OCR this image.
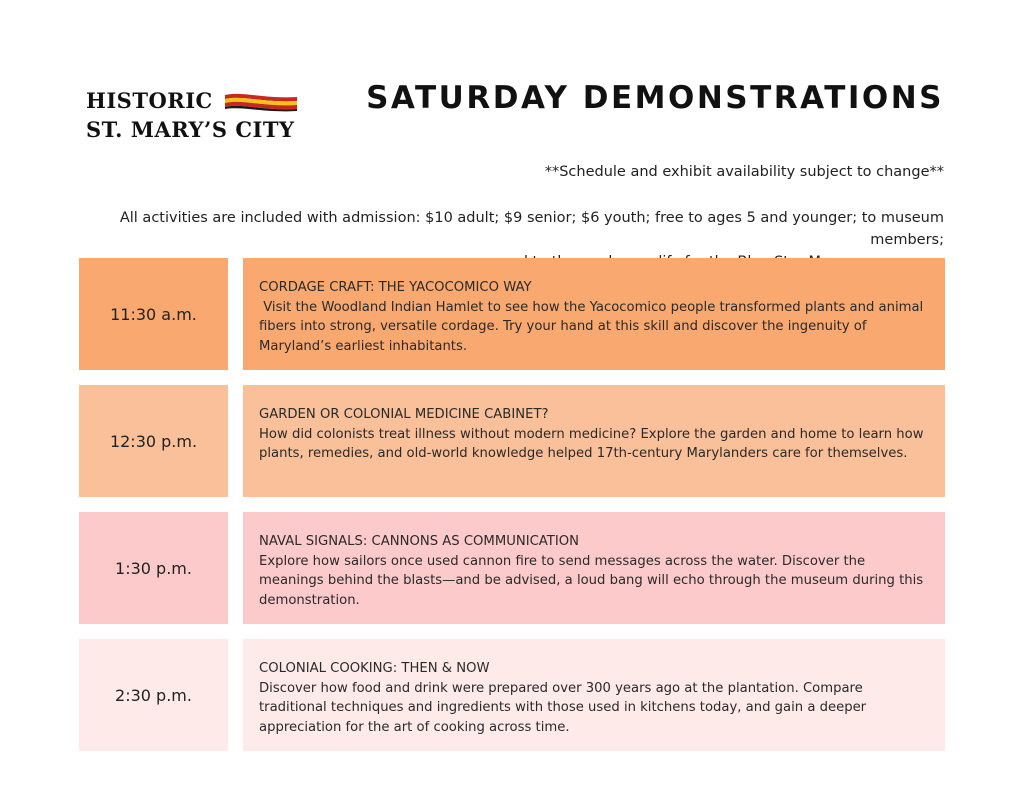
HISTORIC
ST. MARY’S CITY
SATURDAY DEMONSTRATIONS
**Schedule and exhibit availability subject to change**
All activities are included with admission: $10 adult; $9 senior; $6 youth; free to ages 5 and younger; to museum members;
11:30 a.m.
CORDAGE CRAFT: THE YACOCOMICO WAY
Visit the Woodland Indian Hamlet to see how the Yacocomico people transformed plants and animal fibers into strong, versatile cordage. Try your hand at this skill and discover the ingenuity of Maryland’s earliest inhabitants.
12:30 p.m.
GARDEN OR COLONIAL MEDICINE CABINET?
How did colonists treat illness without modern medicine? Explore the garden and home to learn how plants, remedies, and old-world knowledge helped 17th-century Marylanders care for themselves.
1:30 p.m.
NAVAL SIGNALS: CANNONS AS COMMUNICATION
Explore how sailors once used cannon fire to send messages across the water. Discover the meanings behind the blasts—and be advised, a loud bang will echo through the museum during this demonstration.
2:30 p.m.
COLONIAL COOKING: THEN & NOW
Discover how food and drink were prepared over 300 years ago at the plantation. Compare traditional techniques and ingredients with those used in kitchens today, and gain a deeper appreciation for the art of cooking across time.
